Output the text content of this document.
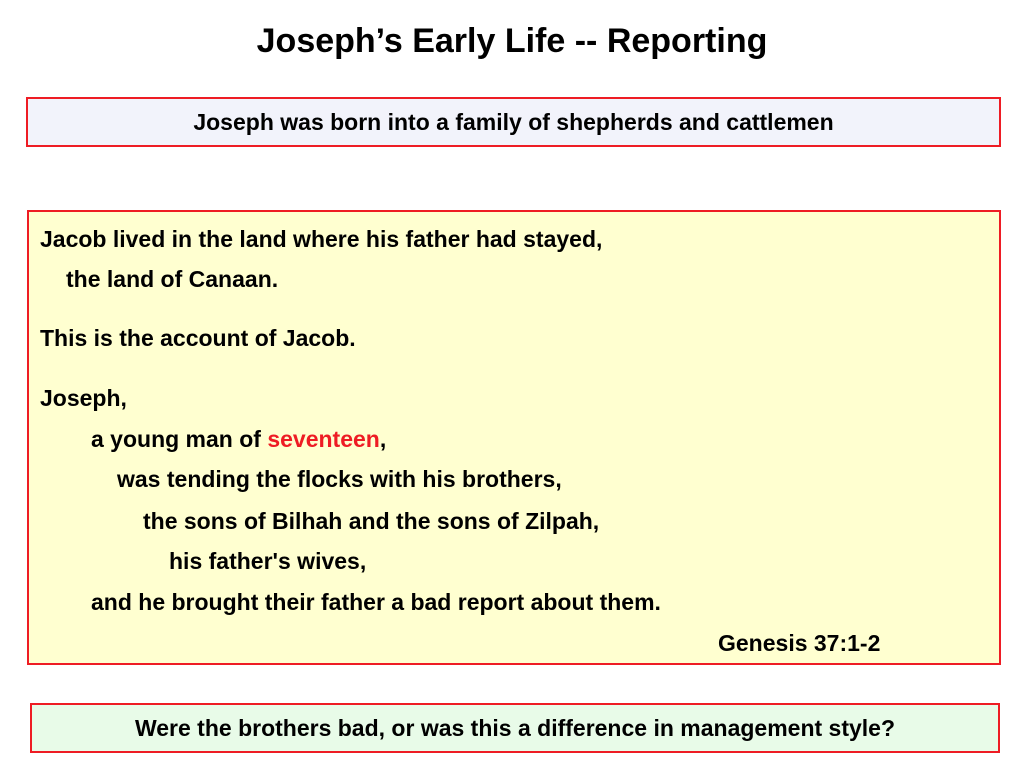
Joseph’s Early Life -- Reporting
Joseph was born into a family of shepherds and cattlemen
Jacob lived in the land where his father had stayed,
the land of Canaan.
This is the account of Jacob.
Joseph,
a young man of seventeen,
was tending the flocks with his brothers,
the sons of Bilhah and the sons of Zilpah,
his father's wives,
and he brought their father a bad report about them.
Genesis 37:1-2
Were the brothers bad, or was this a difference in management style?
